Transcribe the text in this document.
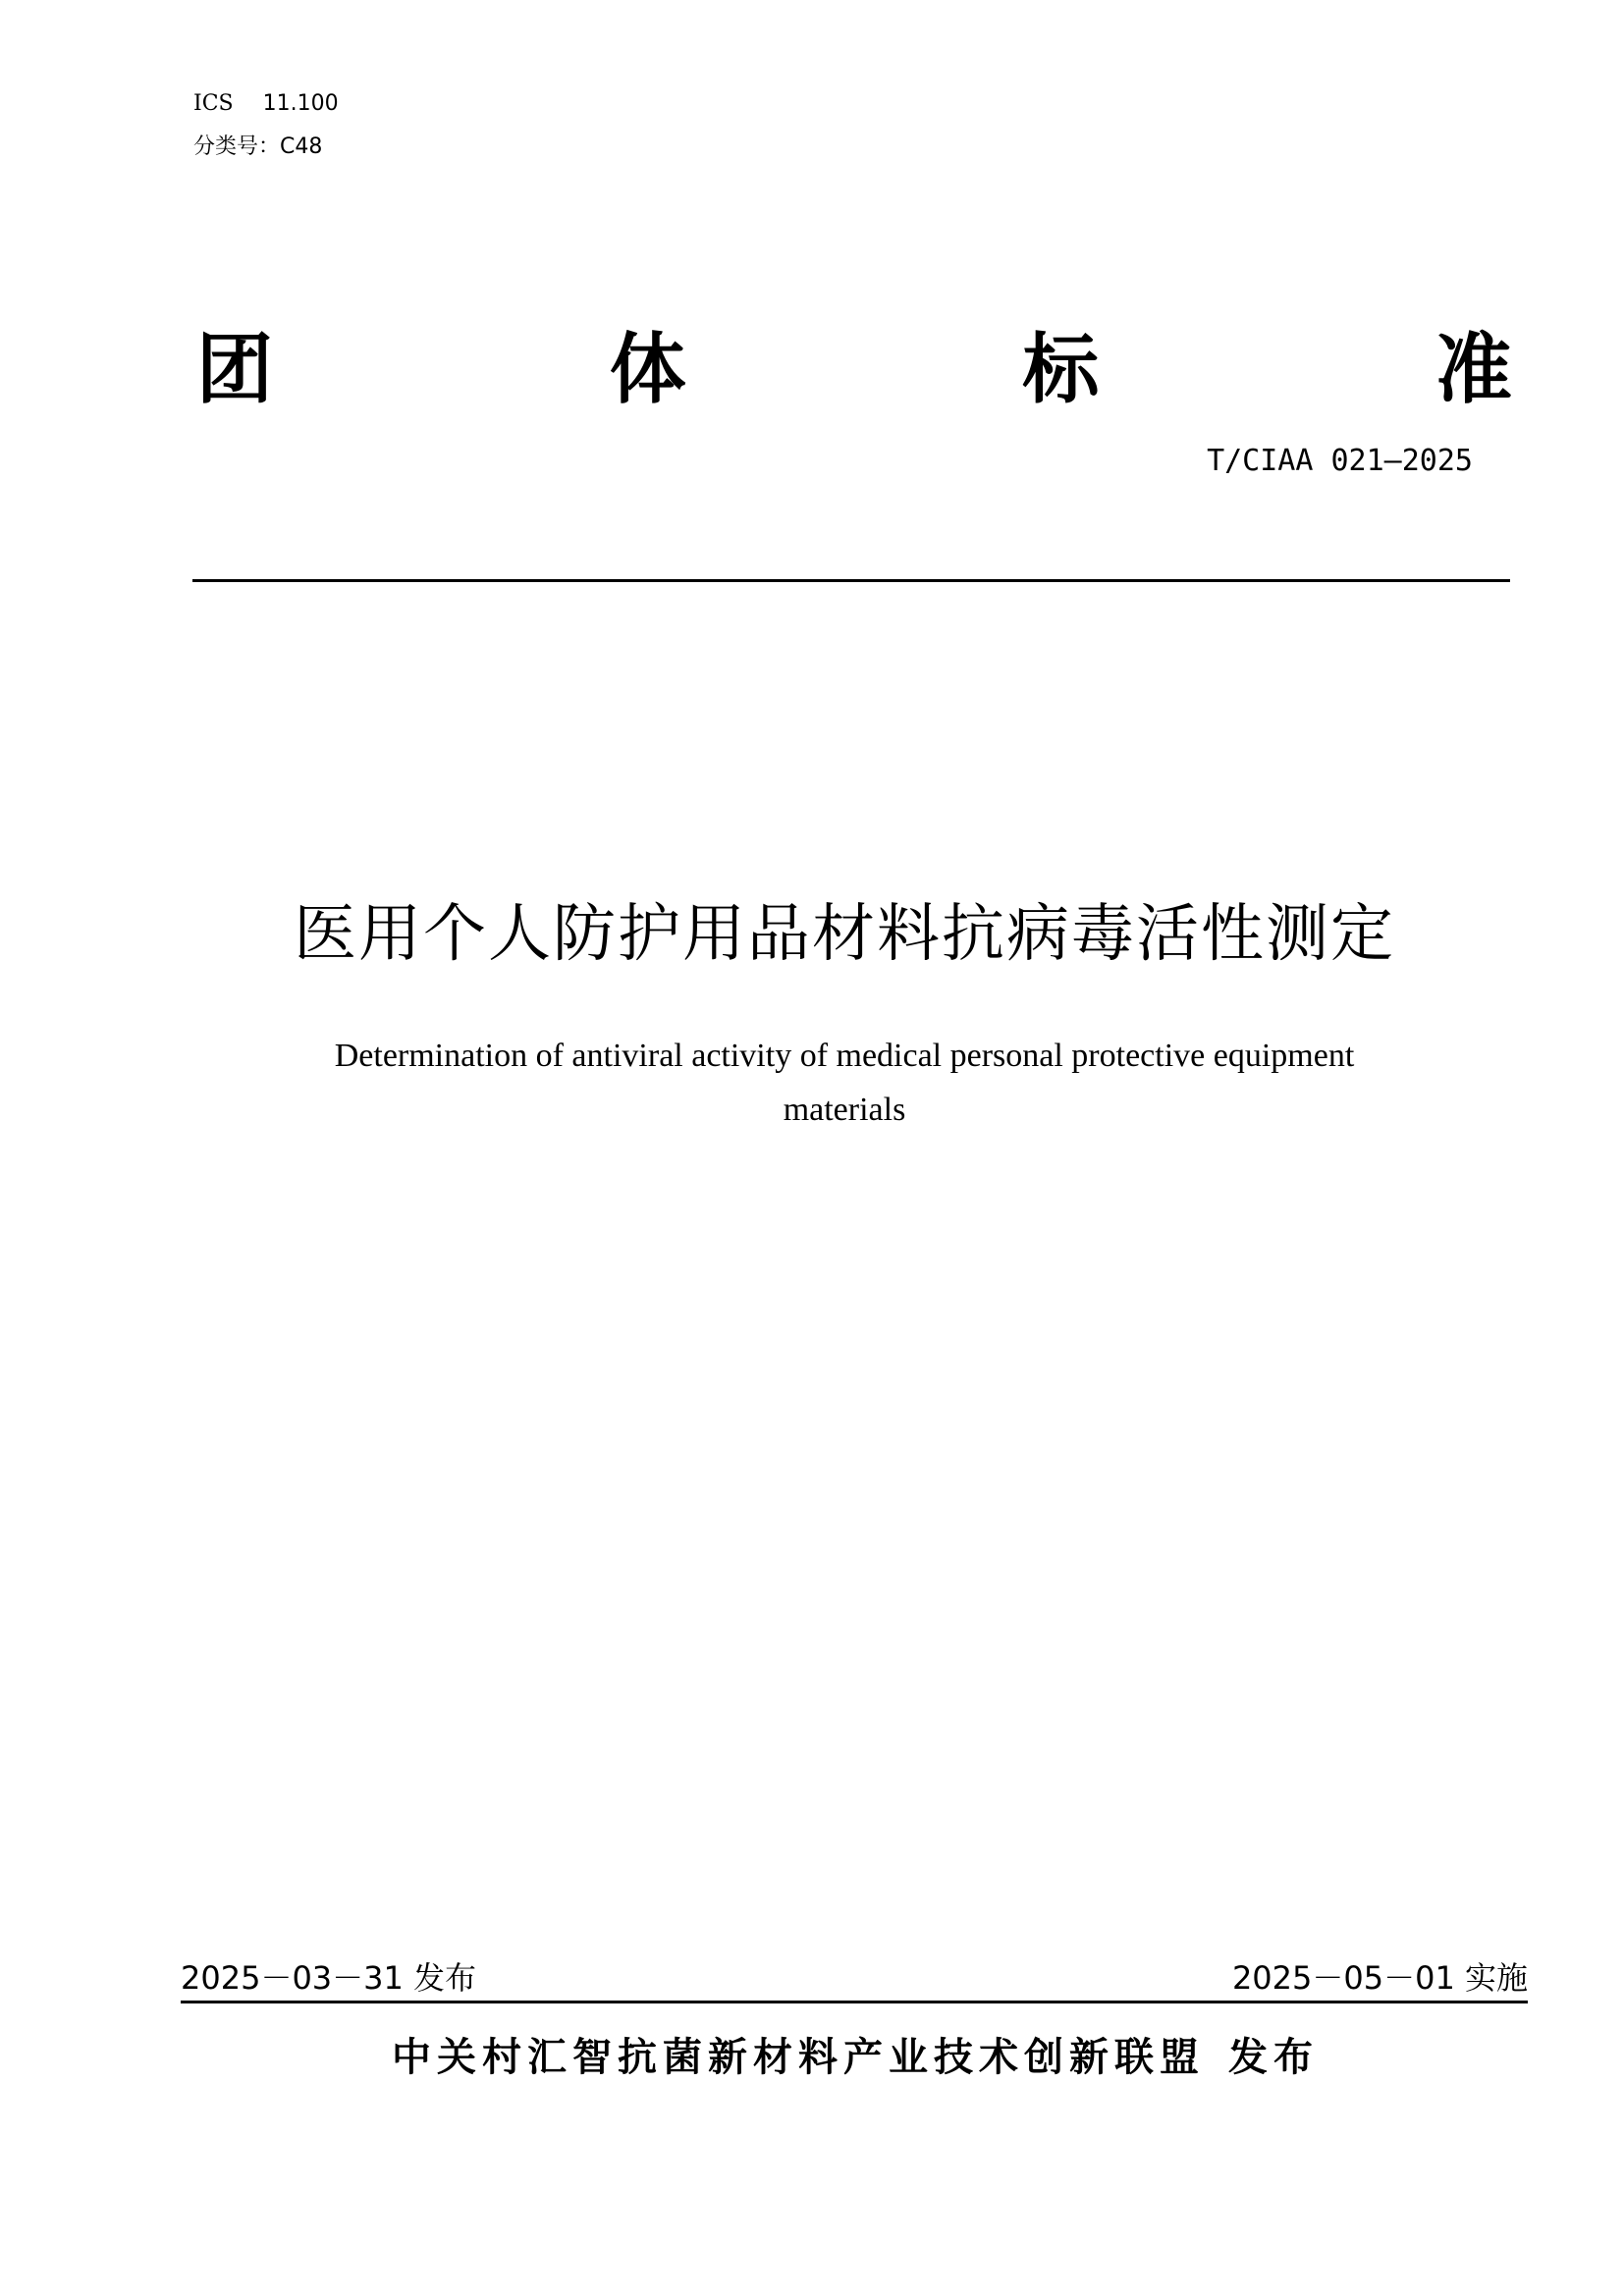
ICS 11.100
分类号：C48
团	体	标	准
T/CIAA 021—2025
医用个人防护用品材料抗病毒活性测定
Determination of antiviral activity of medical personal protective equipment
materials
2025－03－31 发布	2025－05－01 实施
中关村汇智抗菌新材料产业技术创新联盟 发布
